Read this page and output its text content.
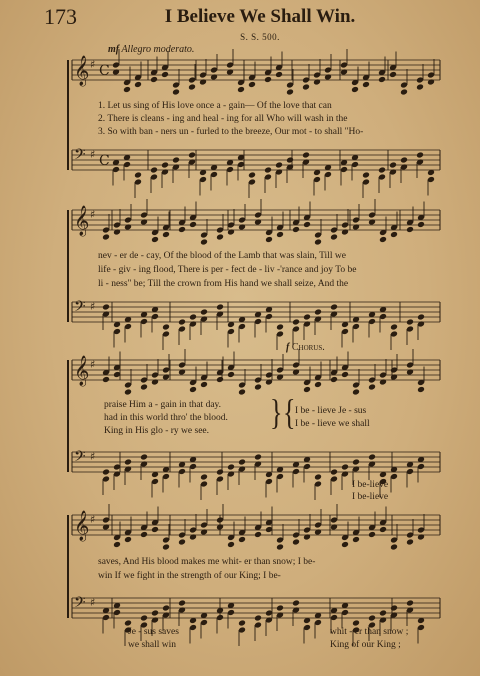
173	I Believe We Shall Win.
S. S. 500.
mf Allegro moderato.
𝄞 ♯ C
𝄢 ♯ C
𝄞 ♯
𝄢 ♯
𝄞 ♯
𝄢 ♯
𝄞 ♯
𝄢 ♯
1. Let us sing of His love once a - gain— Of the love that can
2. There is cleans - ing and heal - ing for all Who will wash in the
3. So with ban - ners un - furled to the breeze, Our mot - to shall "Ho-
nev - er de - cay, Of the blood of the Lamb that was slain, Till we
life - giv - ing flood, There is per - fect de - liv -'rance and joy To be
li - ness" be; Till the crown from His hand we shall seize, And the
f Chorus.
praise Him a - gain in that day.
had in this world thro' the blood.
King in His glo - ry we see. } { I be - lieve Je - sus
I be - lieve we shall
I be-lieve
I be-lieve
saves, And His blood makes me whit- er than snow; I be-
win If we fight in the strength of our King; I be-
Je - sus saves
we shall win
whit - er than snow ;
King of our King ;
